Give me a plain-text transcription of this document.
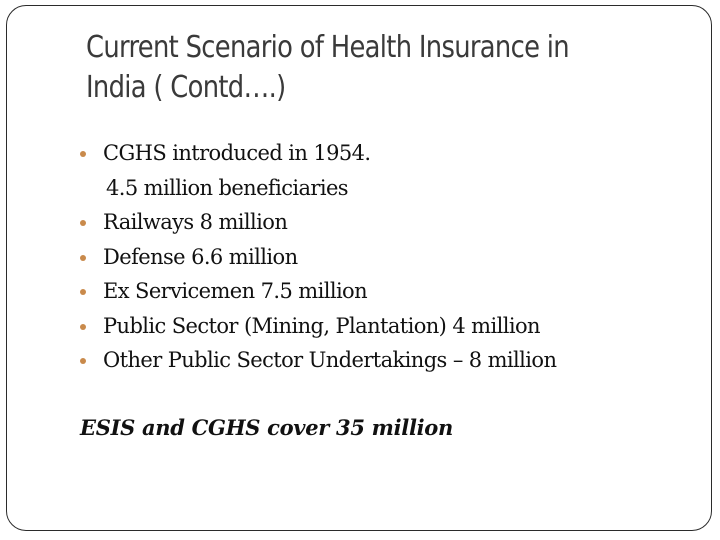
Current Scenario of Health Insurance in
India ( Contd….)
CGHS introduced in 1954.
4.5 million beneficiaries
Railways 8 million
Defense 6.6 million
Ex Servicemen 7.5 million
Public Sector (Mining, Plantation) 4 million
Other Public Sector Undertakings – 8 million
ESIS and CGHS cover 35 million
